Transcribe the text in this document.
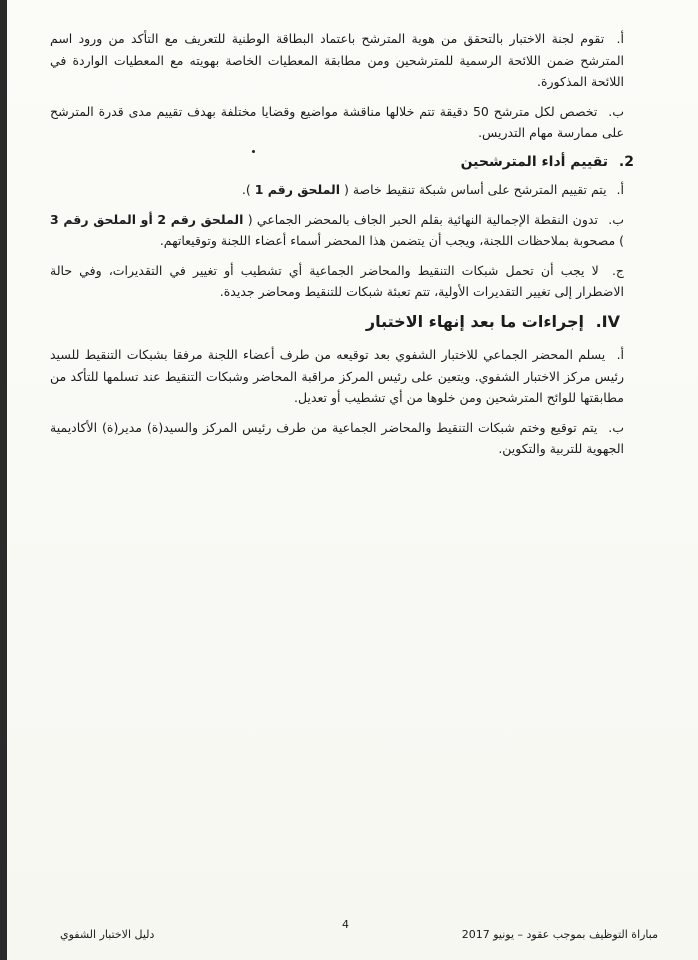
أ. تقوم لجنة الاختبار بالتحقق من هوية المترشح باعتماد البطاقة الوطنية للتعريف مع التأكد من ورود اسم المترشح ضمن اللائحة الرسمية للمترشحين ومن مطابقة المعطيات الخاصة بهويته مع المعطيات الواردة في اللائحة المذكورة.

ب. تخصص لكل مترشح 50 دقيقة تتم خلالها مناقشة مواضيع وقضايا مختلفة بهدف تقييم مدى قدرة المترشح على ممارسة مهام التدريس.

2. تقييم أداء المترشحين

أ. يتم تقييم المترشح على أساس شبكة تنقيط خاصة ( الملحق رقم 1 ).

ب. تدون النقطة الإجمالية النهائية بقلم الحبر الجاف بالمحضر الجماعي ( الملحق رقم 2 أو الملحق رقم 3 ) مصحوبة بملاحظات اللجنة، ويجب أن يتضمن هذا المحضر أسماء أعضاء اللجنة وتوقيعاتهم.

ج. لا يجب أن تحمل شبكات التنقيط والمحاضر الجماعية أي تشطيب أو تغيير في التقديرات، وفي حالة الاضطرار إلى تغيير التقديرات الأولية، تتم تعبئة شبكات للتنقيط ومحاضر جديدة.

IV. إجراءات ما بعد إنهاء الاختبار

أ. يسلم المحضر الجماعي للاختبار الشفوي بعد توقيعه من طرف أعضاء اللجنة مرفقا بشبكات التنقيط للسيد رئيس مركز الاختبار الشفوي. ويتعين على رئيس المركز مراقبة المحاضر وشبكات التنقيط عند تسلمها للتأكد من مطابقتها للوائح المترشحين ومن خلوها من أي تشطيب أو تعديل.

ب. يتم توقيع وختم شبكات التنقيط والمحاضر الجماعية من طرف رئيس المركز والسيد(ة) مدير(ة) الأكاديمية الجهوية للتربية والتكوين.

دليل الاختبار الشفوي
4
مباراة التوظيف بموجب عقود – يونيو 2017
